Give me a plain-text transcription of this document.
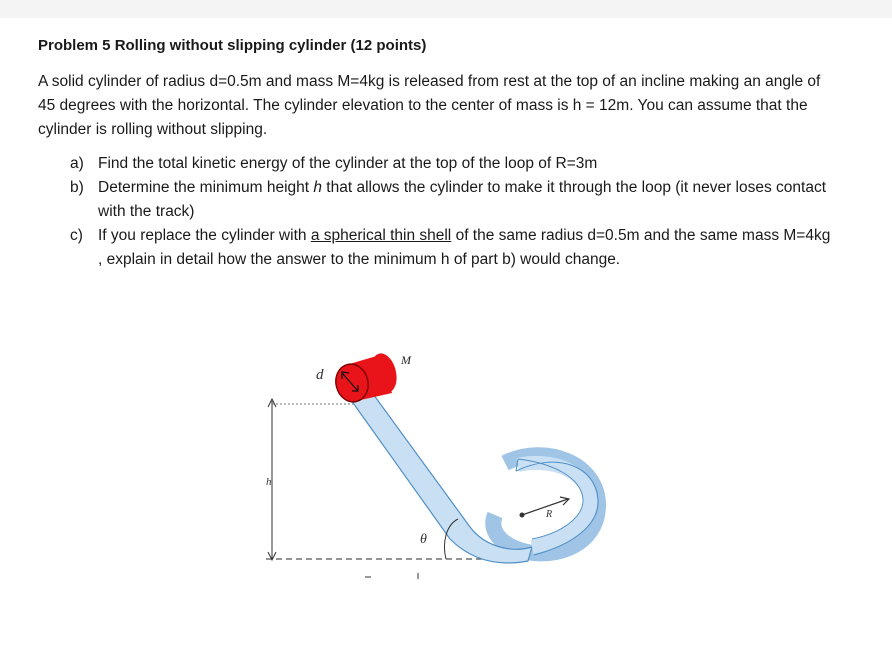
Problem 5 Rolling without slipping cylinder (12 points)

A solid cylinder of radius d=0.5m and mass M=4kg is released from rest at the top of an incline making an angle of 45 degrees with the horizontal. The cylinder elevation to the center of mass is h = 12m. You can assume that the cylinder is rolling without slipping.
a) Find the total kinetic energy of the cylinder at the top of the loop of R=3m
b) Determine the minimum height h that allows the cylinder to make it through the loop (it never loses contact with the track)
c) If you replace the cylinder with a spherical thin shell of the same radius d=0.5m and the same mass M=4kg , explain in detail how the answer to the minimum h of part b) would change.
h
R
θ
d
M
